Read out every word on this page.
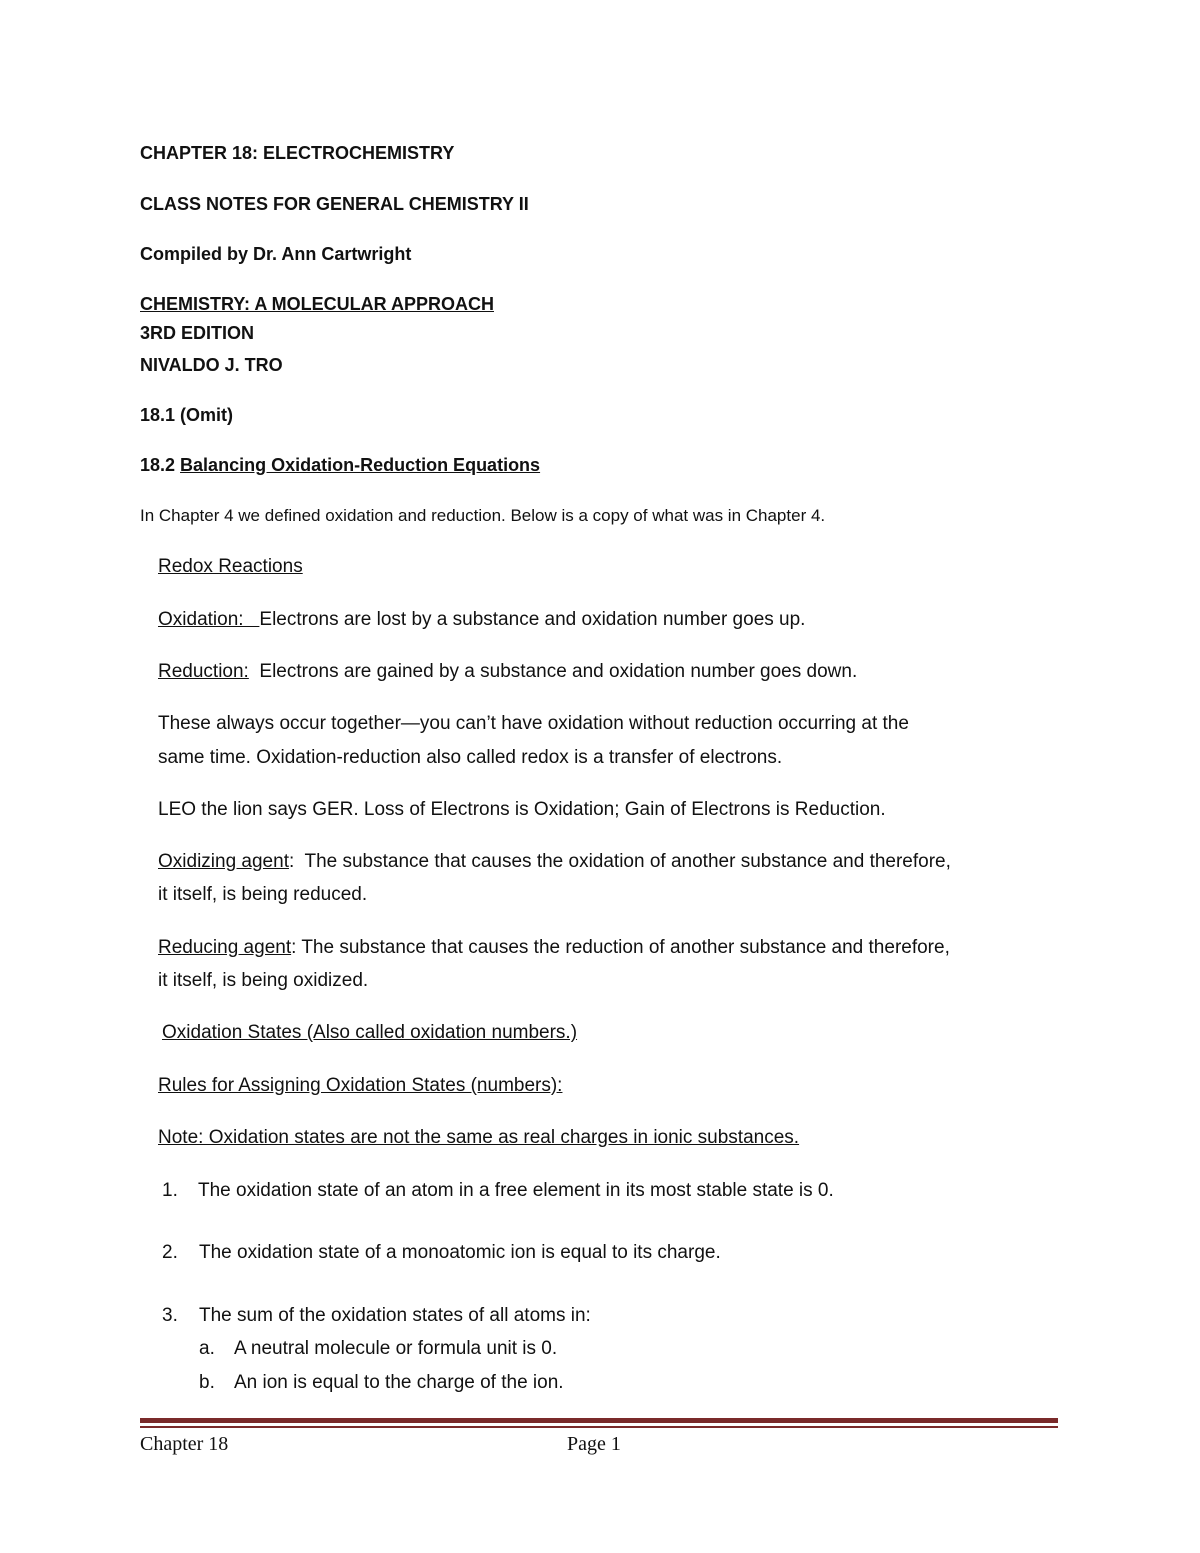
CHAPTER 18: ELECTROCHEMISTRY
CLASS NOTES FOR GENERAL CHEMISTRY II
Compiled by Dr. Ann Cartwright
CHEMISTRY: A MOLECULAR APPROACH
3RD EDITION
NIVALDO J. TRO
18.1 (Omit)
18.2 Balancing Oxidation-Reduction Equations
In Chapter 4 we defined oxidation and reduction. Below is a copy of what was in Chapter 4.
Redox Reactions
Oxidation:   Electrons are lost by a substance and oxidation number goes up.
Reduction:  Electrons are gained by a substance and oxidation number goes down.
These always occur together—you can’t have oxidation without reduction occurring at the
same time. Oxidation-reduction also called redox is a transfer of electrons.
LEO the lion says GER. Loss of Electrons is Oxidation; Gain of Electrons is Reduction.
Oxidizing agent:  The substance that causes the oxidation of another substance and therefore,
it itself, is being reduced.
Reducing agent: The substance that causes the reduction of another substance and therefore,
it itself, is being oxidized.
Oxidation States (Also called oxidation numbers.)
Rules for Assigning Oxidation States (numbers):
Note: Oxidation states are not the same as real charges in ionic substances.
1. The oxidation state of an atom in a free element in its most stable state is 0.
2. The oxidation state of a monoatomic ion is equal to its charge.
3. The sum of the oxidation states of all atoms in:
a. A neutral molecule or formula unit is 0.
b. An ion is equal to the charge of the ion.
Chapter 18	Page 1
